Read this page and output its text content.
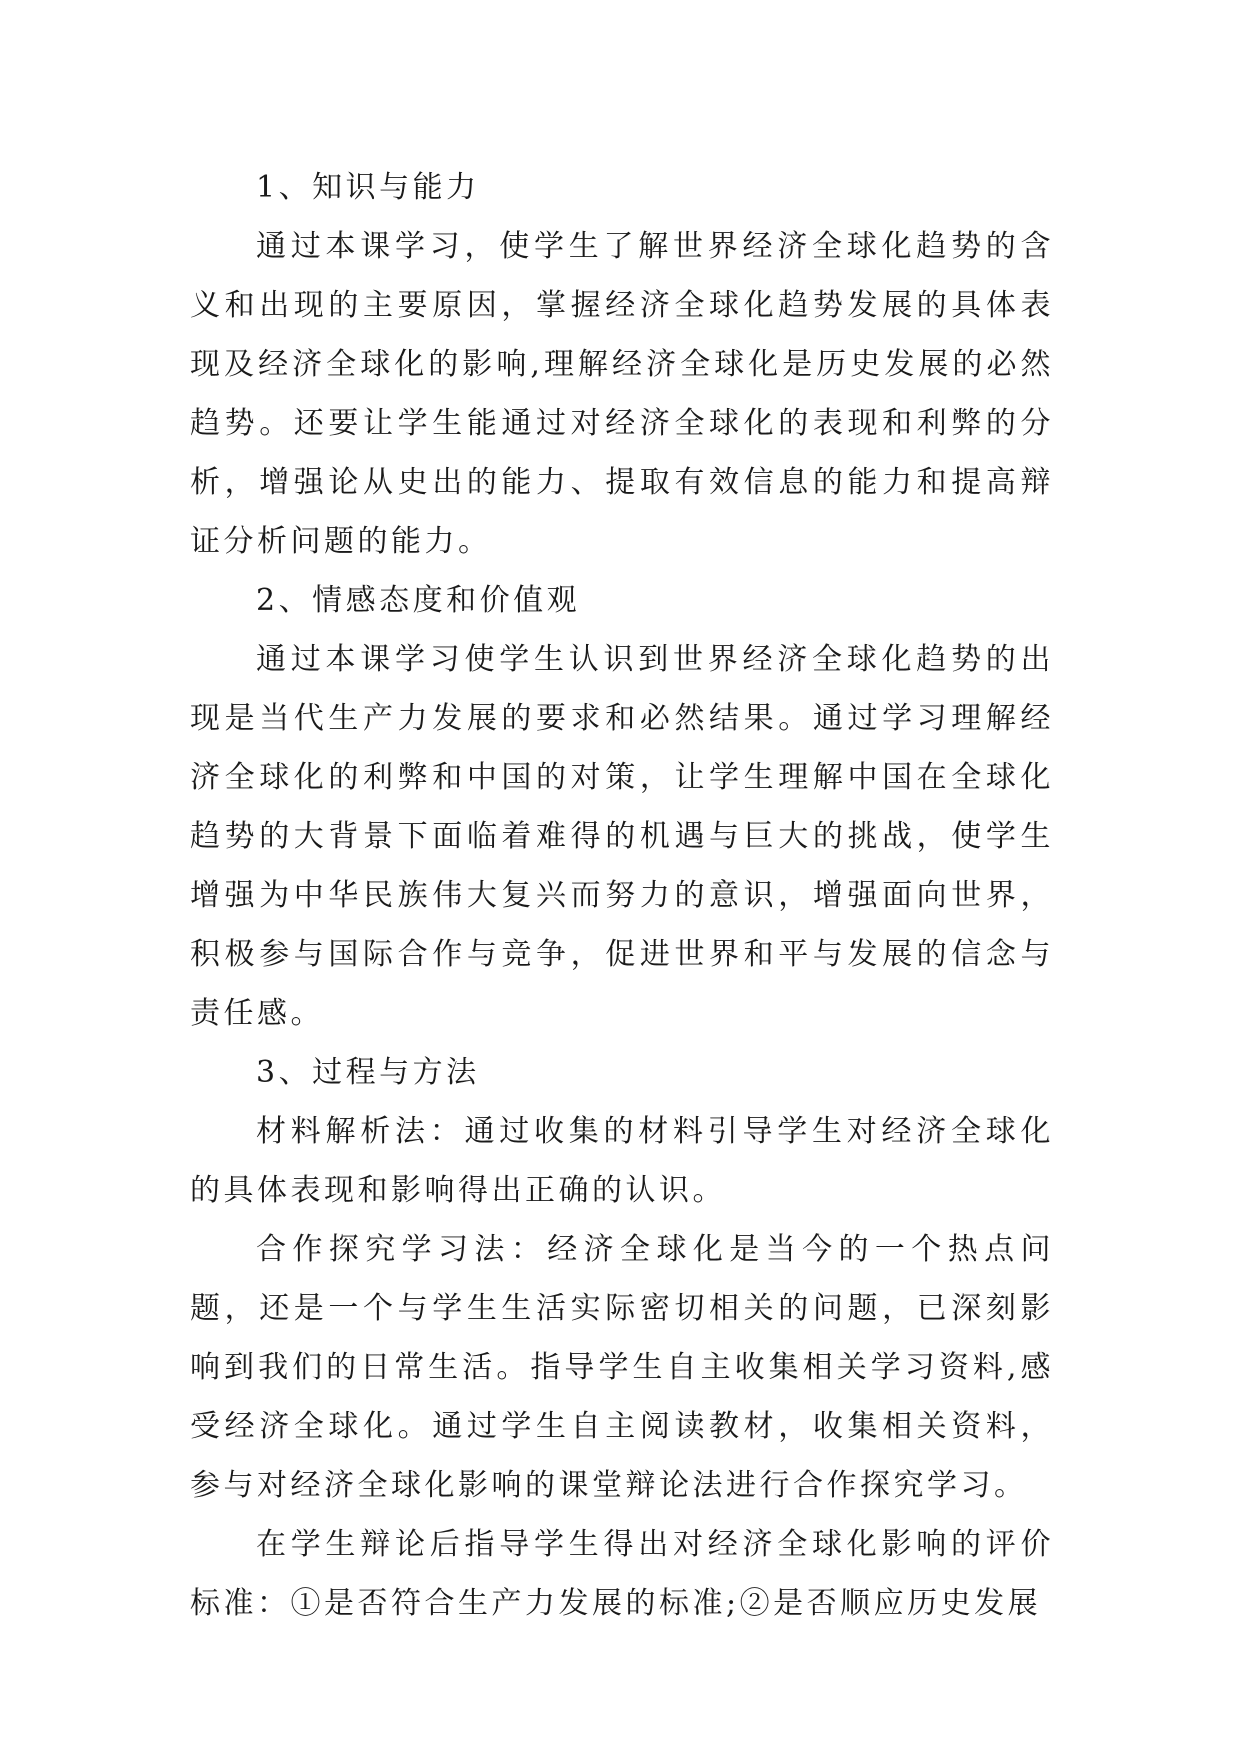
1、知识与能力

通过本课学习，使学生了解世界经济全球化趋势的含义和出现的主要原因，掌握经济全球化趋势发展的具体表现及经济全球化的影响,理解经济全球化是历史发展的必然趋势。还要让学生能通过对经济全球化的表现和利弊的分析，增强论从史出的能力、提取有效信息的能力和提高辩证分析问题的能力。

2、情感态度和价值观

通过本课学习使学生认识到世界经济全球化趋势的出现是当代生产力发展的要求和必然结果。通过学习理解经济全球化的利弊和中国的对策，让学生理解中国在全球化趋势的大背景下面临着难得的机遇与巨大的挑战，使学生增强为中华民族伟大复兴而努力的意识，增强面向世界，积极参与国际合作与竞争，促进世界和平与发展的信念与责任感。

3、过程与方法

材料解析法：通过收集的材料引导学生对经济全球化的具体表现和影响得出正确的认识。

合作探究学习法：经济全球化是当今的一个热点问题，还是一个与学生生活实际密切相关的问题，已深刻影响到我们的日常生活。指导学生自主收集相关学习资料,感受经济全球化。通过学生自主阅读教材，收集相关资料，参与对经济全球化影响的课堂辩论法进行合作探究学习。

在学生辩论后指导学生得出对经济全球化影响的评价标准：①是否符合生产力发展的标准;②是否顺应历史发展
